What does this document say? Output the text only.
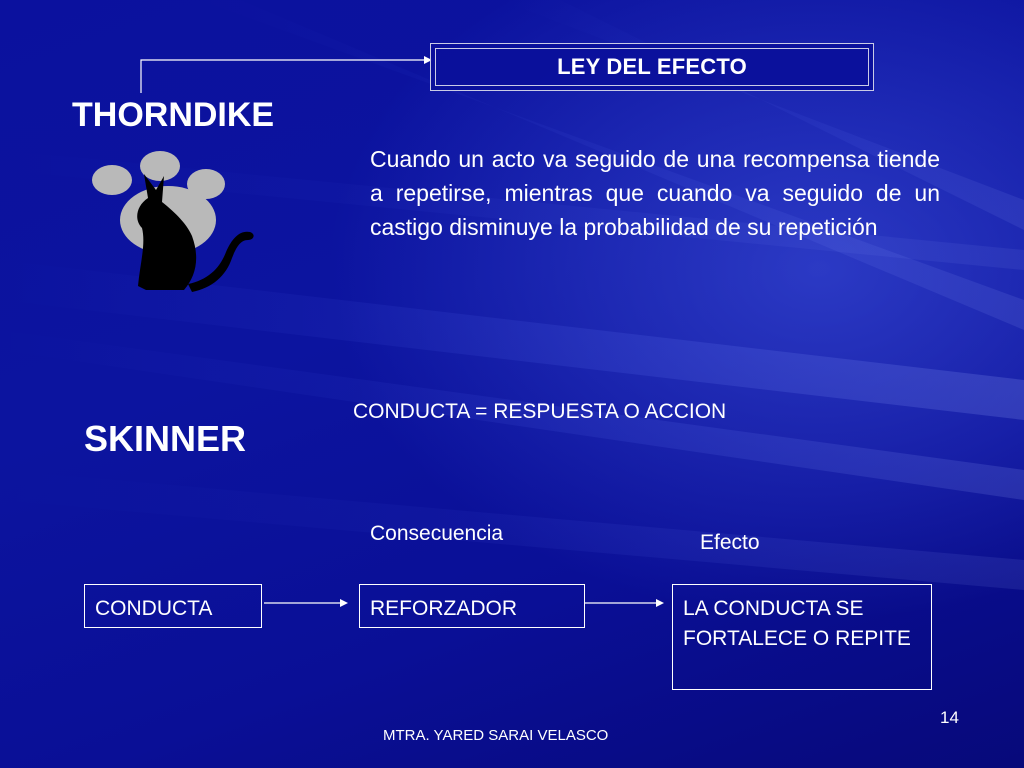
LEY DEL EFECTO
THORNDIKE
Cuando un acto va seguido de una recompensa tiende a repetirse, mientras que cuando va seguido de un castigo disminuye la probabilidad de su repetición
SKINNER
CONDUCTA = RESPUESTA O ACCION
Consecuencia	Efecto
CONDUCTA	REFORZADOR	LA CONDUCTA SE FORTALECE O REPITE
14
MTRA. YARED SARAI VELASCO
